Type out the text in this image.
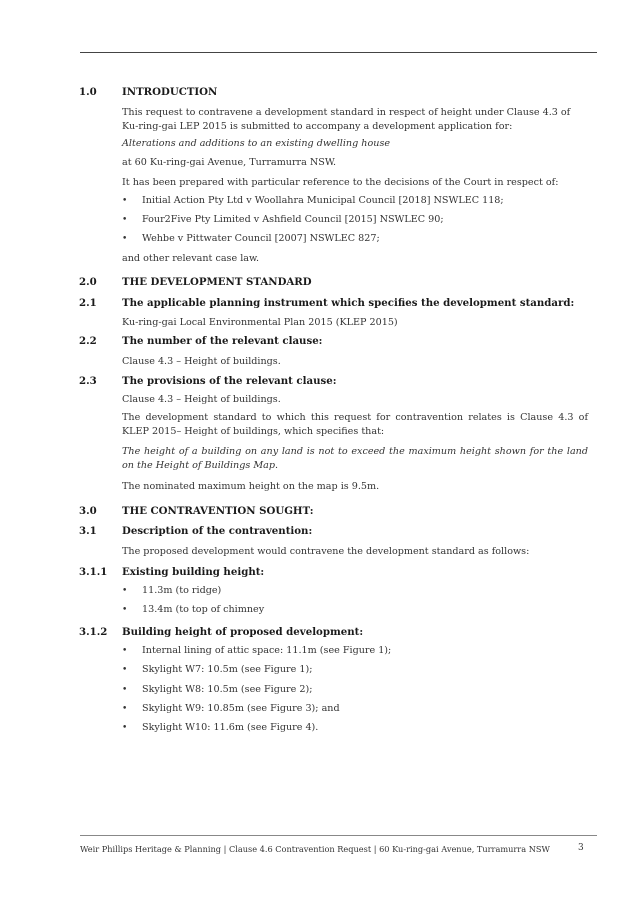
1.0 INTRODUCTION
This request to contravene a development standard in respect of height under Clause 4.3 of Ku-ring-gai LEP 2015 is submitted to accompany a development application for:
Alterations and additions to an existing dwelling house
at 60 Ku-ring-gai Avenue, Turramurra NSW.
It has been prepared with particular reference to the decisions of the Court in respect of:
• Initial Action Pty Ltd v Woollahra Municipal Council [2018] NSWLEC 118;
• Four2Five Pty Limited v Ashfield Council [2015] NSWLEC 90;
• Wehbe v Pittwater Council [2007] NSWLEC 827;
and other relevant case law.
2.0 THE DEVELOPMENT STANDARD
2.1 The applicable planning instrument which specifies the development standard:
Ku-ring-gai Local Environmental Plan 2015 (KLEP 2015)
2.2 The number of the relevant clause:
Clause 4.3 – Height of buildings.
2.3 The provisions of the relevant clause:
Clause 4.3 – Height of buildings.
The development standard to which this request for contravention relates is Clause 4.3 of KLEP 2015– Height of buildings, which specifies that:
The height of a building on any land is not to exceed the maximum height shown for the land on the Height of Buildings Map.
The nominated maximum height on the map is 9.5m.
3.0 THE CONTRAVENTION SOUGHT:
3.1 Description of the contravention:
The proposed development would contravene the development standard as follows:
3.1.1 Existing building height:
• 11.3m (to ridge)
• 13.4m (to top of chimney
3.1.2 Building height of proposed development:
• Internal lining of attic space: 11.1m (see Figure 1);
• Skylight W7: 10.5m (see Figure 1);
• Skylight W8: 10.5m (see Figure 2);
• Skylight W9: 10.85m (see Figure 3); and
• Skylight W10: 11.6m (see Figure 4).
Weir Phillips Heritage & Planning | Clause 4.6 Contravention Request | 60 Ku-ring-gai Avenue, Turramurra NSW	3
